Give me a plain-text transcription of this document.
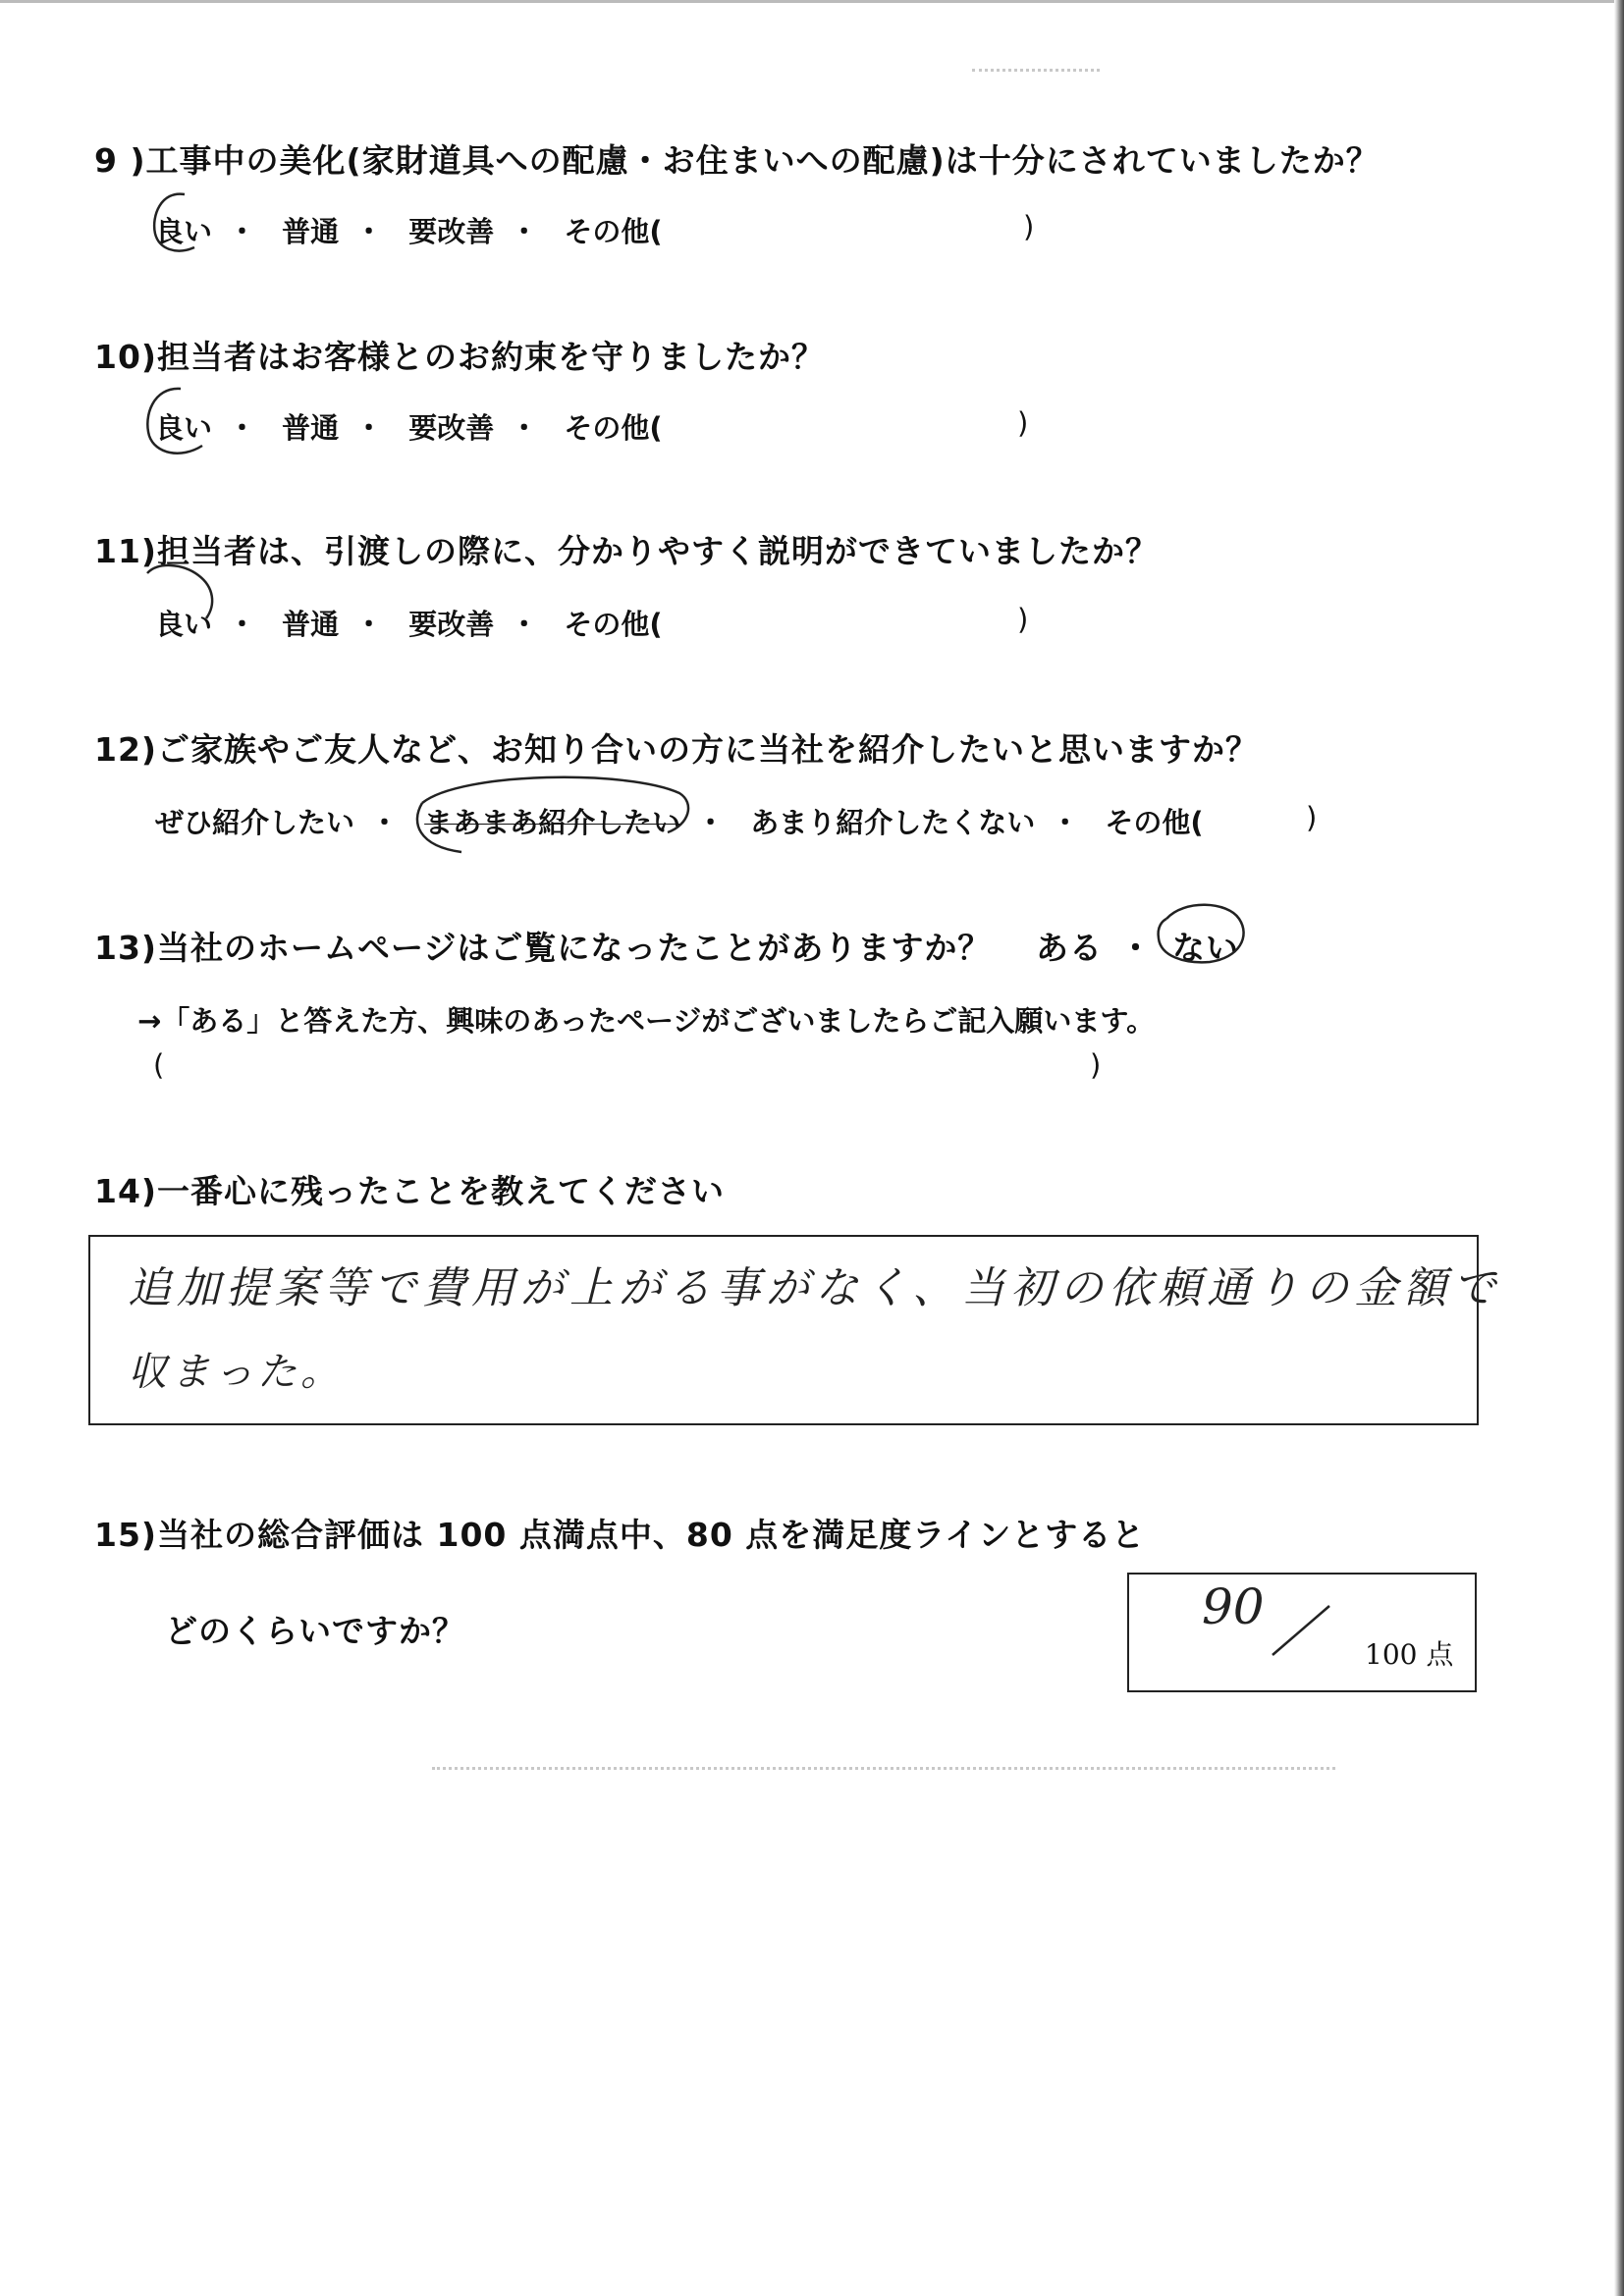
9 )工事中の美化(家財道具への配慮・お住まいへの配慮)は十分にされていましたか？
良い ・ 普通 ・ 要改善 ・ その他(	)
10)担当者はお客様とのお約束を守りましたか？
良い ・ 普通 ・ 要改善 ・ その他(	)
11)担当者は、引渡しの際に、分かりやすく説明ができていましたか？
良い ・ 普通 ・ 要改善 ・ その他(	)
12)ご家族やご友人など、お知り合いの方に当社を紹介したいと思いますか？
ぜひ紹介したい ・ まあまあ紹介したい ・ あまり紹介したくない ・ その他(	)
13)当社のホームページはご覧になったことがありますか？ ある ・ ない
→「ある」と答えた方、興味のあったページがございましたらご記入願います。
(	)
14)一番心に残ったことを教えてください
追加提案等で費用が上がる事がなく、当初の依頼通りの金額で
収まった。
15)当社の総合評価は 100 点満点中、80 点を満足度ラインとすると
どのくらいですか？	90
100 点
